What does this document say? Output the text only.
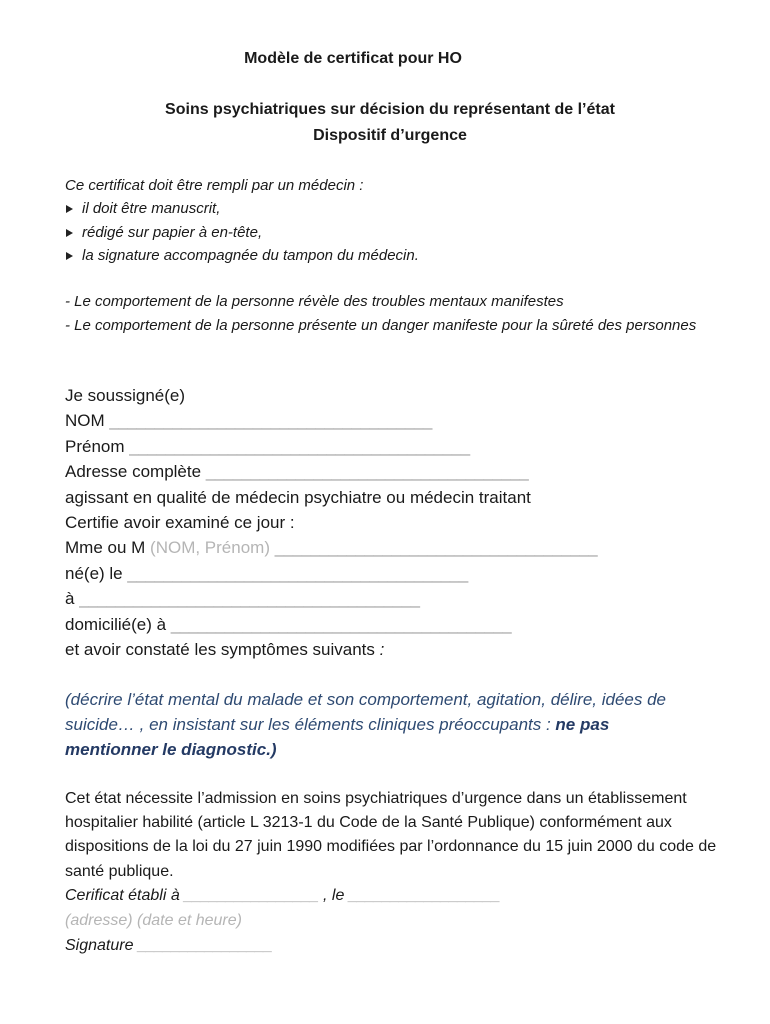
Modèle de certificat pour HO
Soins psychiatriques sur décision du représentant de l’état
Dispositif d’urgence
Ce certificat doit être rempli par un médecin :
il doit être manuscrit,
rédigé sur papier à en-tête,
la signature accompagnée du tampon du médecin.
- Le comportement de la personne révèle des troubles mentaux manifestes
- Le comportement de la personne présente un danger manifeste pour la sûreté des personnes
Je soussigné(e)
NOM ____________________________________
Prénom ______________________________________
Adresse complète ____________________________________
agissant en qualité de médecin psychiatre ou médecin traitant
Certifie avoir examiné ce jour :
Mme ou M (NOM, Prénom) ____________________________________
né(e) le ______________________________________
à ______________________________________
domicilié(e) à ______________________________________
et avoir constaté les symptômes suivants :
(décrire l’état mental du malade et son comportement, agitation, délire, idées de suicide… , en insistant sur les éléments cliniques préoccupants : ne pas mentionner le diagnostic.)
Cet état nécessite l’admission en soins psychiatriques d’urgence dans un établissement hospitalier habilité (article L 3213-1 du Code de la Santé Publique) conformément aux dispositions de la loi du 27 juin 1990 modifiées par l’ordonnance du 15 juin 2000 du code de santé publique.
Cerificat établi à ________________ , le __________________
(adresse) (date et heure)
Signature ________________
